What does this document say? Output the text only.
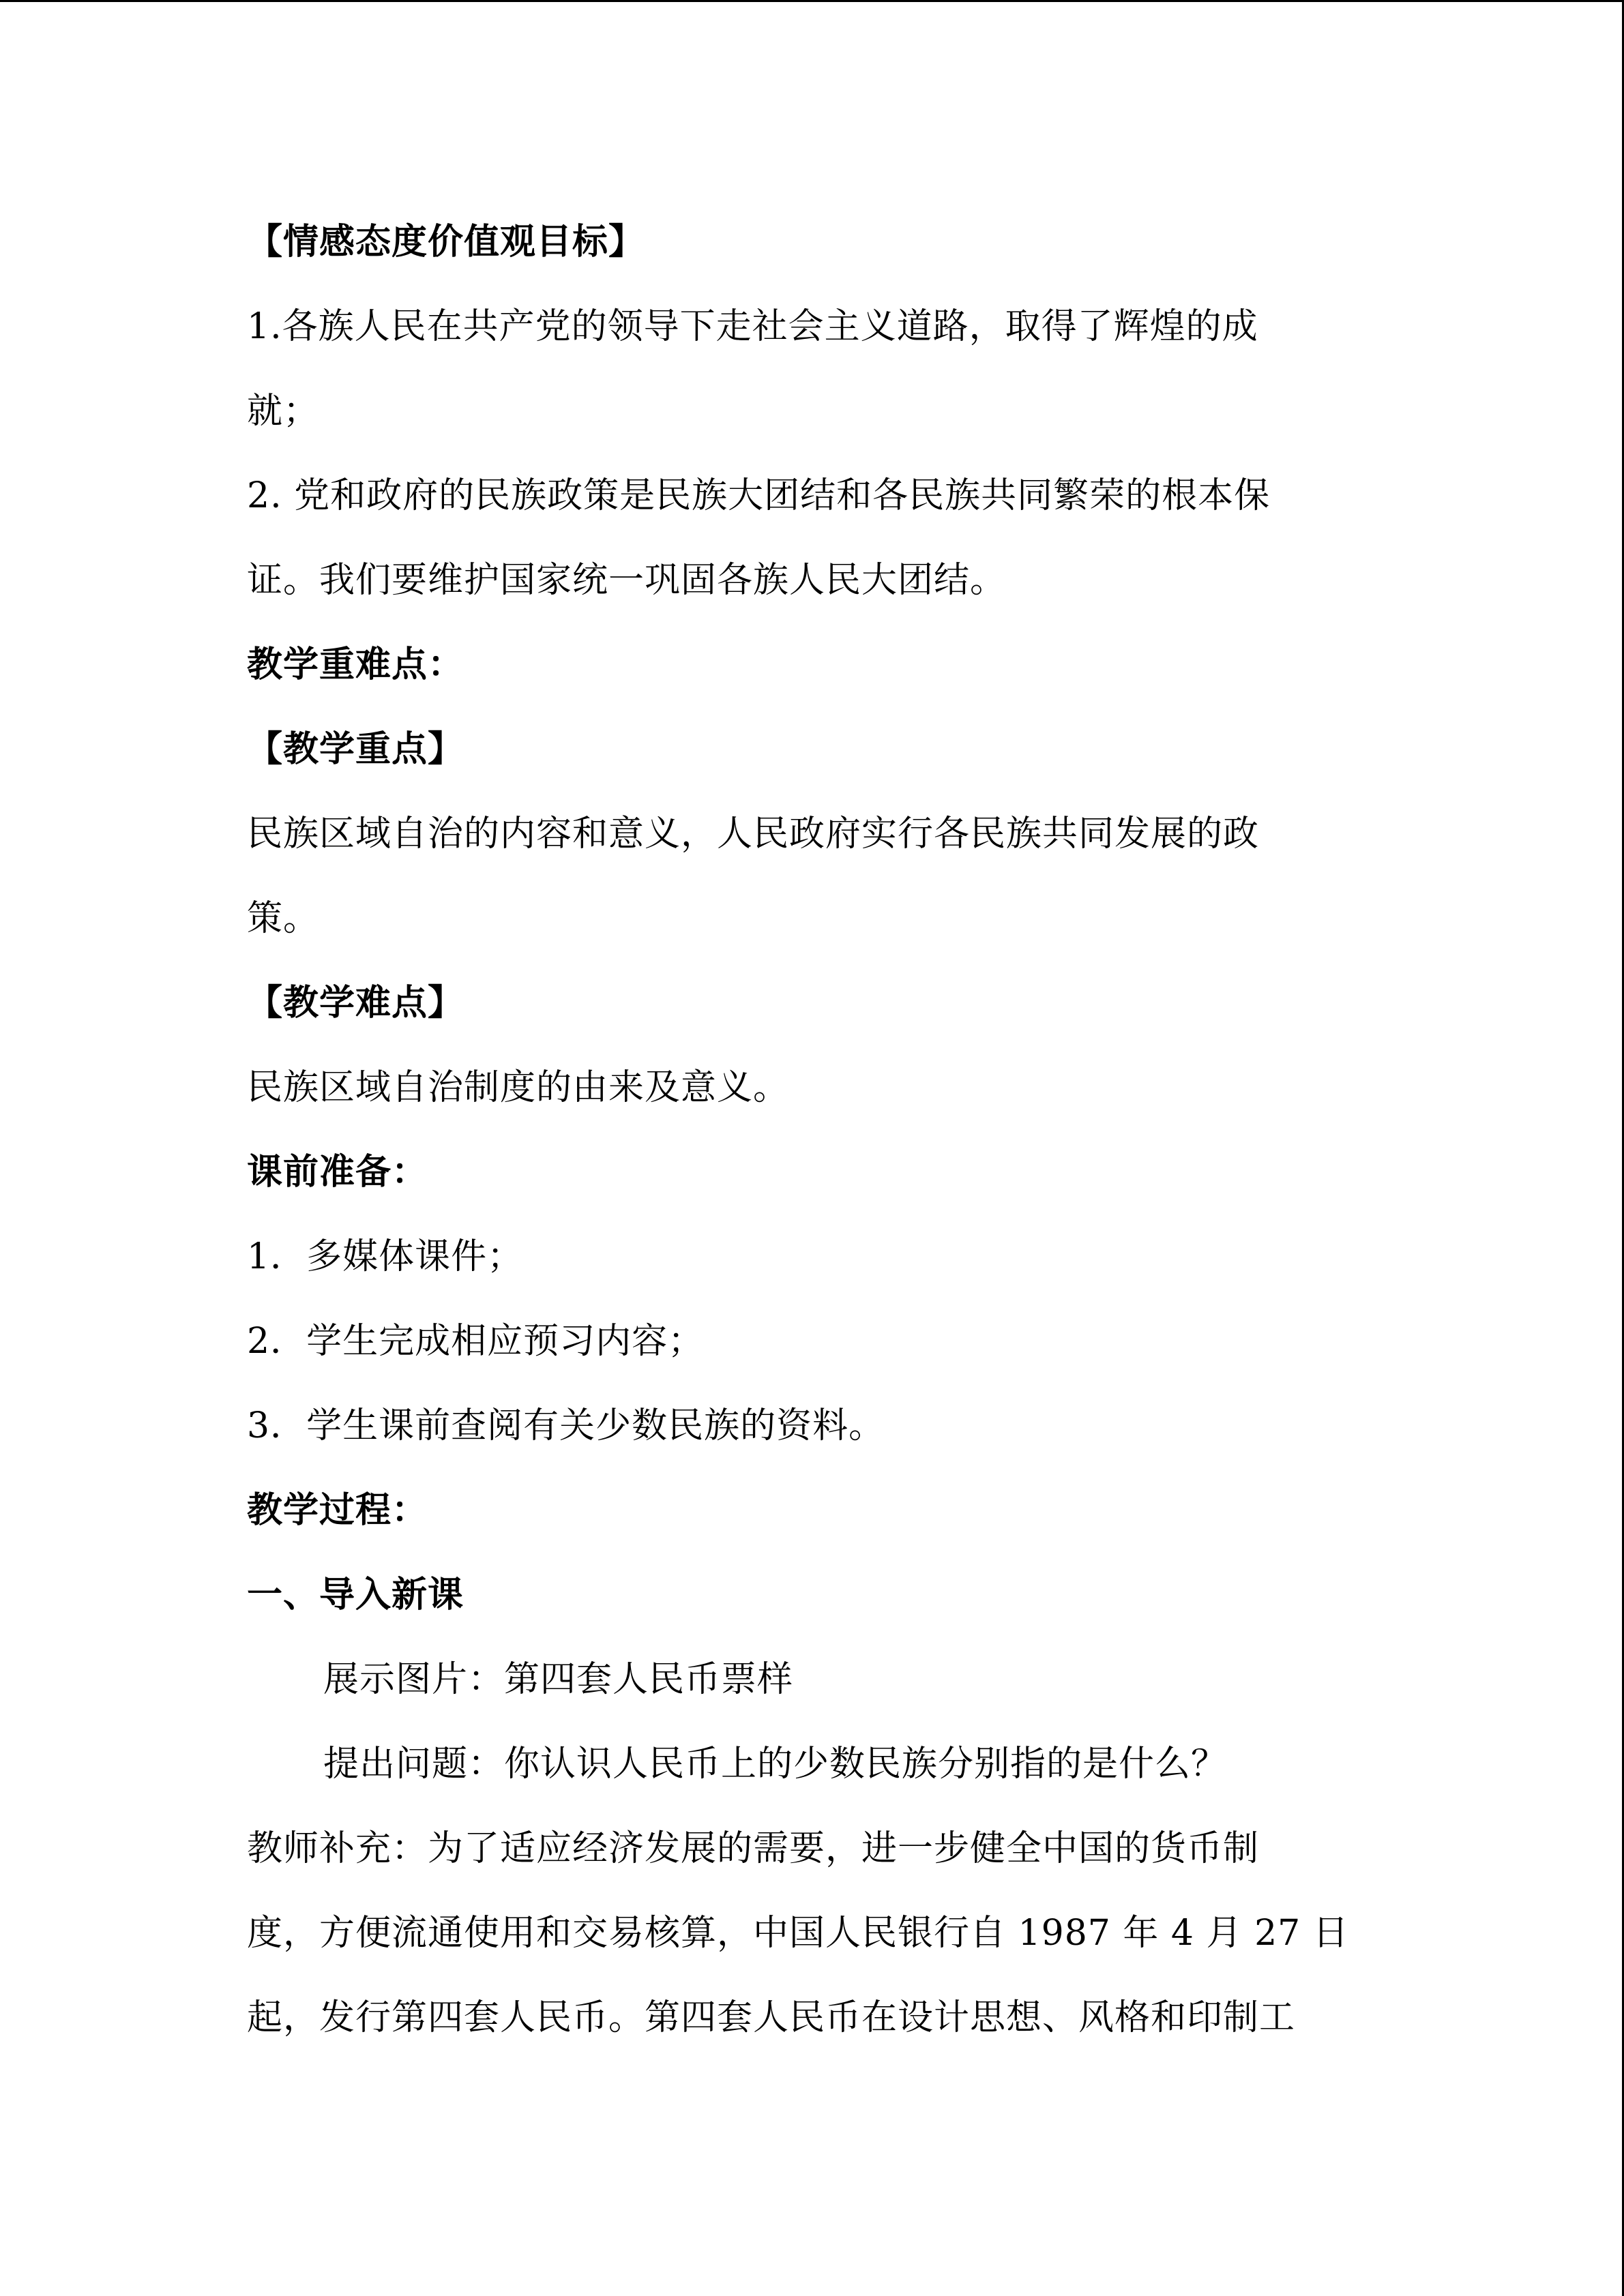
【情感态度价值观目标】
1.各族人民在共产党的领导下走社会主义道路，取得了辉煌的成
就；
2. 党和政府的民族政策是民族大团结和各民族共同繁荣的根本保
证。我们要维护国家统一巩固各族人民大团结。
教学重难点：
【教学重点】
民族区域自治的内容和意义，人民政府实行各民族共同发展的政
策。
【教学难点】
民族区域自治制度的由来及意义。
课前准备：
1．多媒体课件；
2．学生完成相应预习内容；
3．学生课前查阅有关少数民族的资料。
教学过程：
一、导入新课
展示图片：第四套人民币票样
提出问题：你认识人民币上的少数民族分别指的是什么？
教师补充：为了适应经济发展的需要，进一步健全中国的货币制
度，方便流通使用和交易核算，中国人民银行自 1987 年 4 月 27 日
起，发行第四套人民币。第四套人民币在设计思想、风格和印制工
